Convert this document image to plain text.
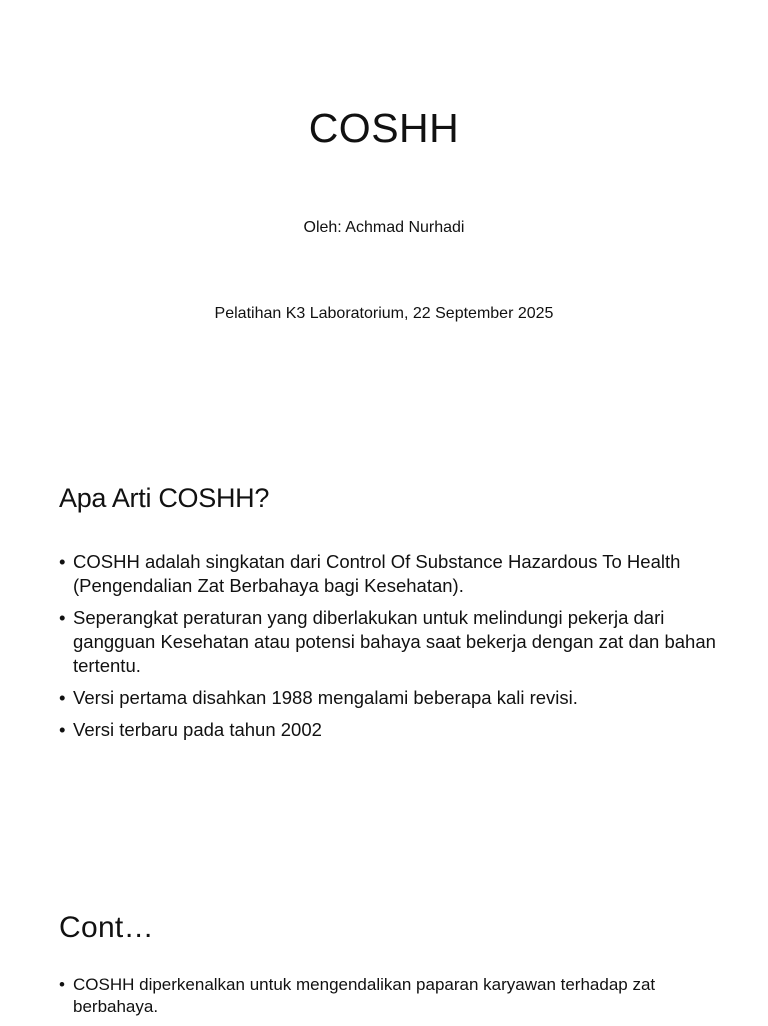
COSHH
Oleh: Achmad Nurhadi
Pelatihan K3 Laboratorium, 22 September 2025
Apa Arti COSHH?
• COSHH adalah singkatan dari Control Of Substance Hazardous To Health (Pengendalian Zat Berbahaya bagi Kesehatan).
• Seperangkat peraturan yang diberlakukan untuk melindungi pekerja dari gangguan Kesehatan atau potensi bahaya saat bekerja dengan zat dan bahan tertentu.
• Versi pertama disahkan 1988 mengalami beberapa kali revisi.
• Versi terbaru pada tahun 2002
Cont…
• COSHH diperkenalkan untuk mengendalikan paparan karyawan terhadap zat berbahaya.
